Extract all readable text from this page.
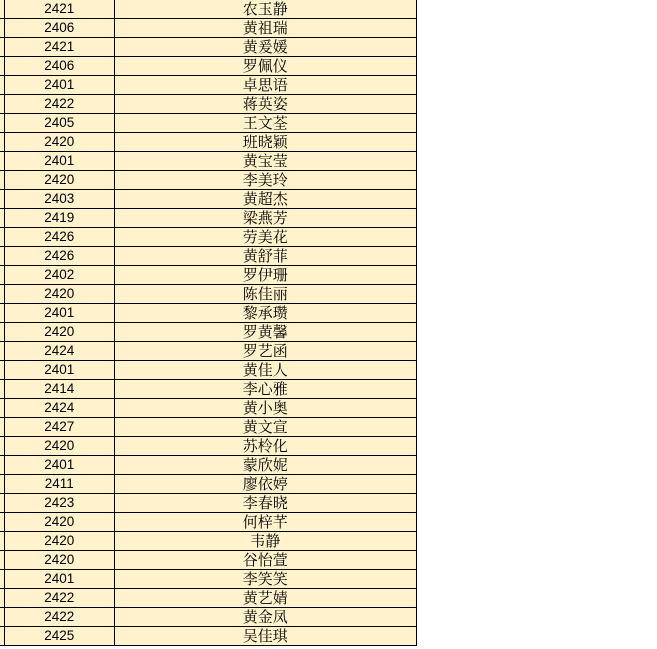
	2421	农玉静
	2406	黄祖瑞
	2421	黄爰媛
	2406	罗佩仪
	2401	卓思语
	2422	蒋英姿
	2405	王文荃
	2420	班晓颖
	2401	黄宝莹
	2420	李美玲
	2403	黄超杰
	2419	梁燕芳
	2426	劳美花
	2426	黄舒菲
	2402	罗伊珊
	2420	陈佳丽
	2401	黎承瓒
	2420	罗黄馨
	2424	罗艺函
	2401	黄佳人
	2414	李心雅
	2424	黄小奥
	2427	黄文宣
	2420	苏柃化
	2401	蒙欣妮
	2411	廖依婷
	2423	李春晓
	2420	何梓芊
	2420	韦静
	2420	谷怡萱
	2401	李笑笑
	2422	黄艺婧
	2422	黄金凤
	2425	吴佳琪
